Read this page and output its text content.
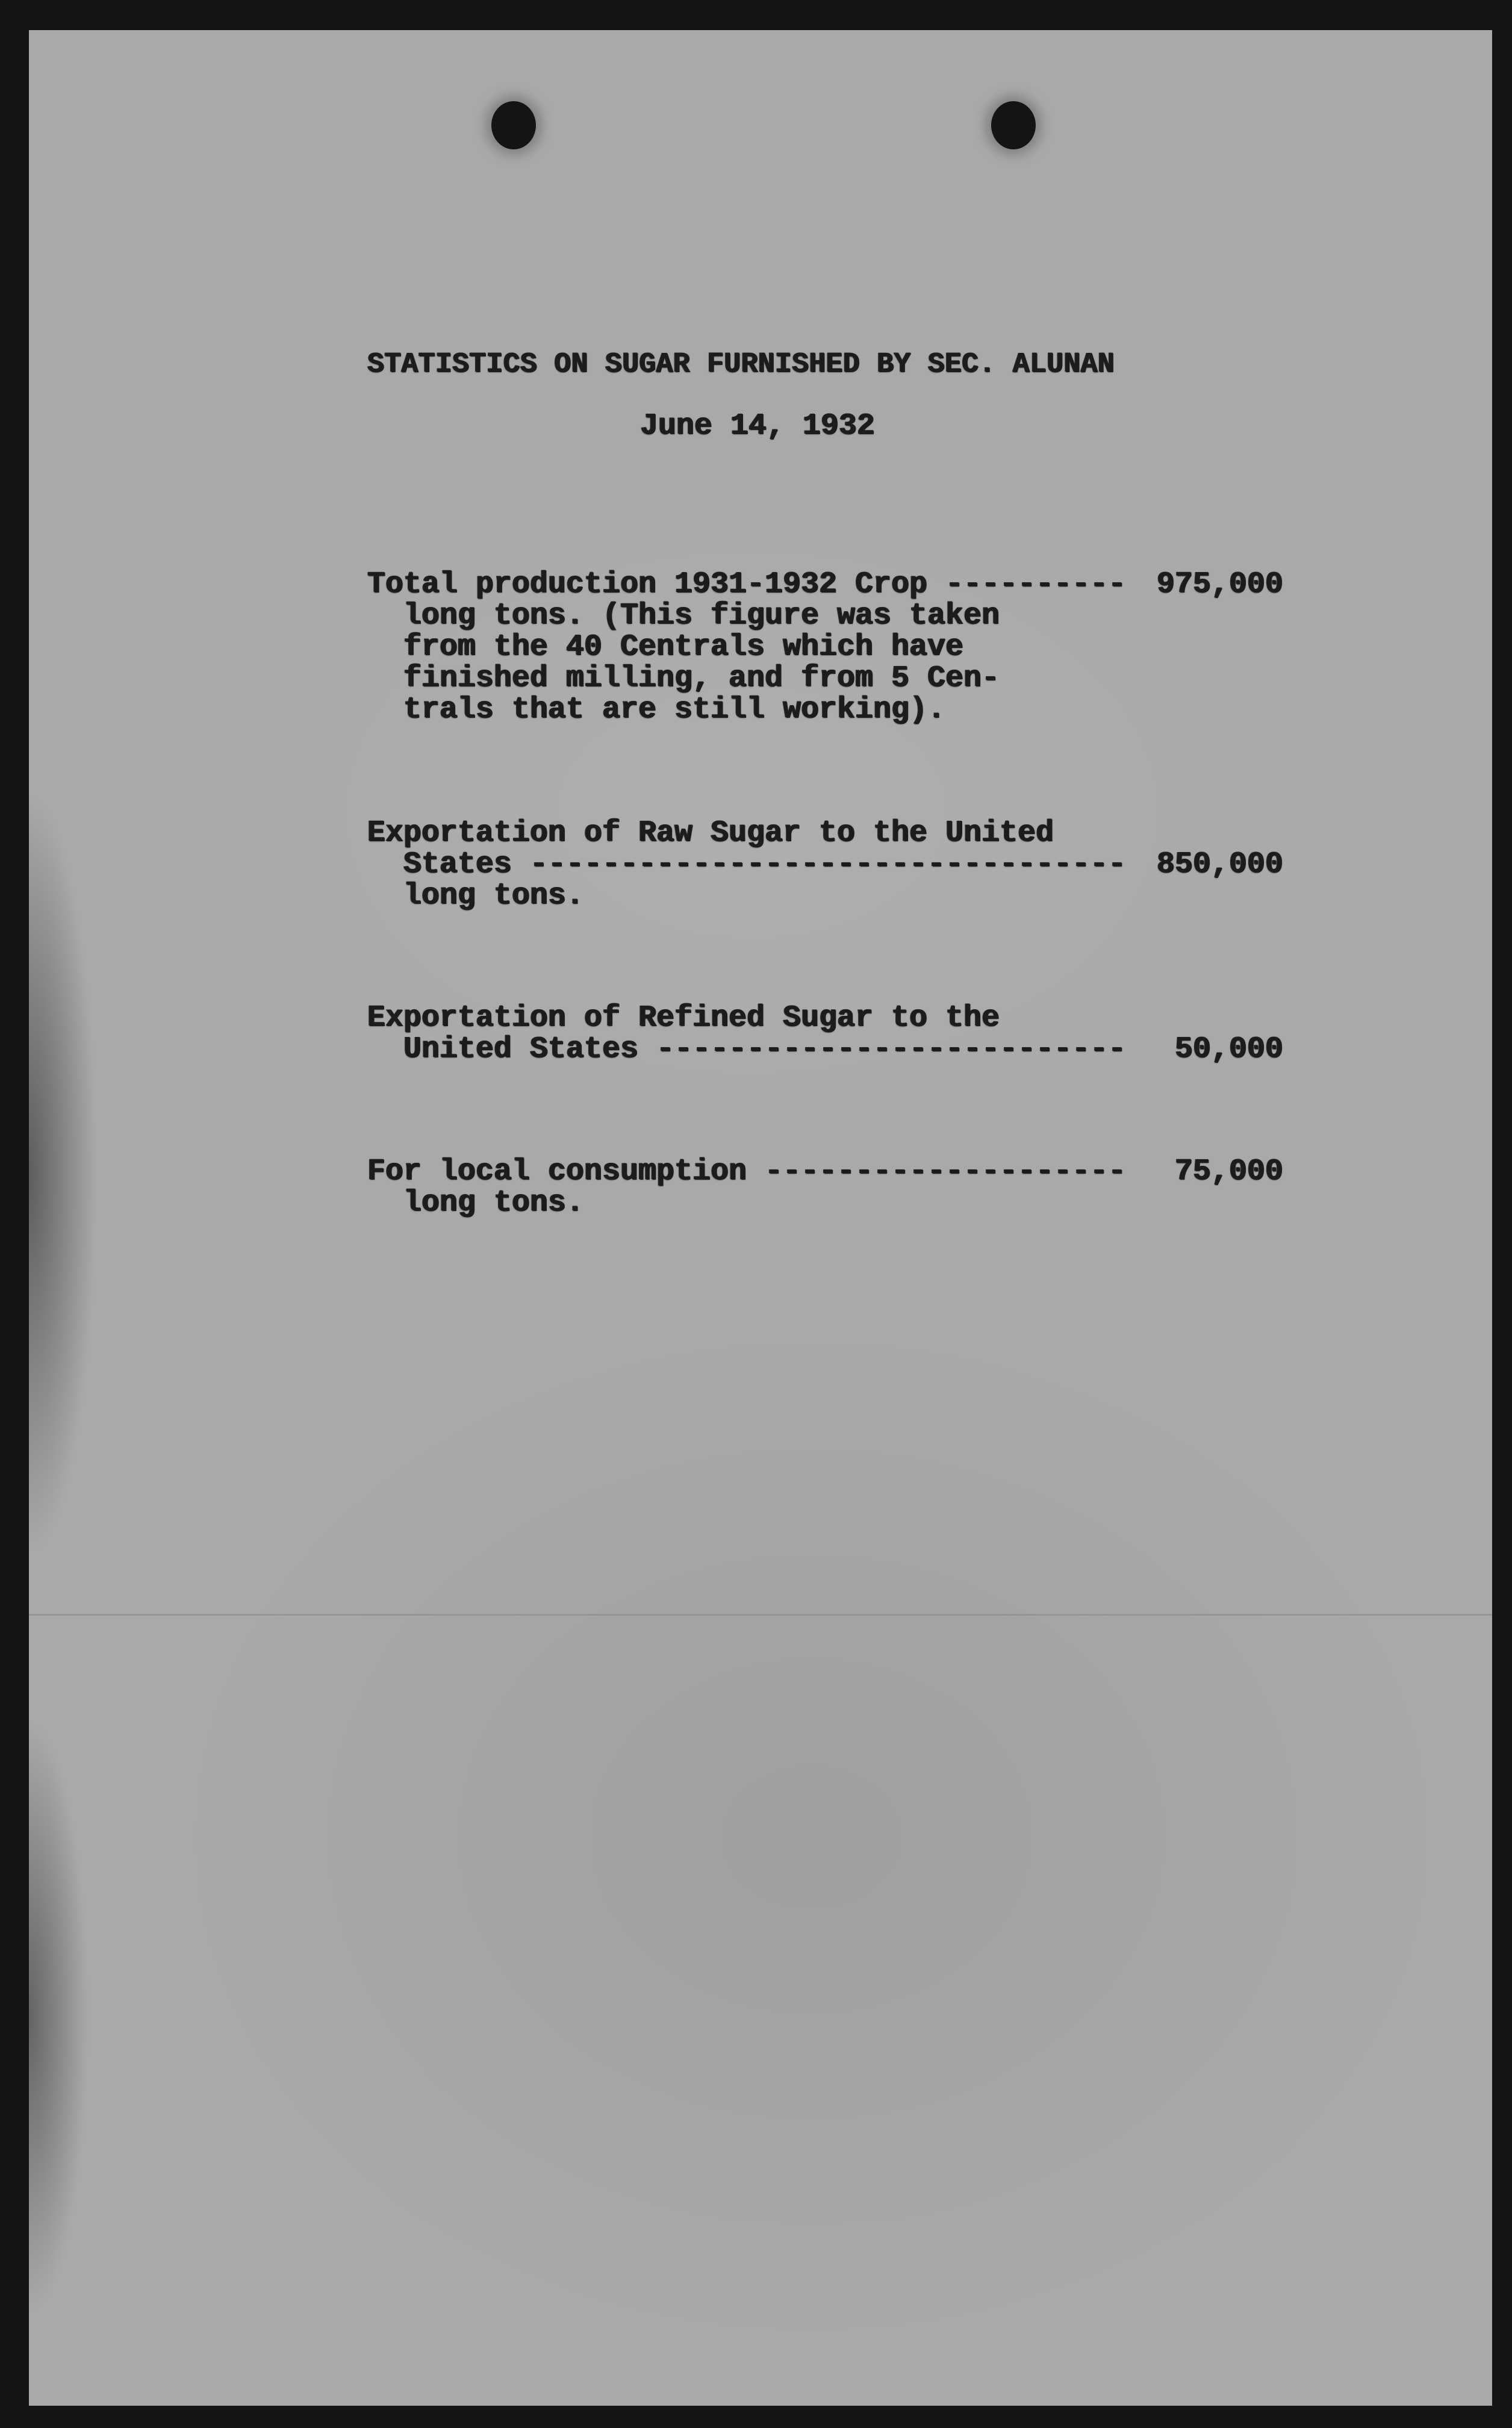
STATISTICS ON SUGAR FURNISHED BY SEC. ALUNAN
June 14, 1932
Total production 1931-1932 Crop ----------
long tons. (This figure was taken
from the 40 Centrals which have
finished milling, and from 5 Cen-
trals that are still working).
975,000
Exportation of Raw Sugar to the United
States ---------------------------------
long tons.
850,000
Exportation of Refined Sugar to the
United States --------------------------	50,000
For local consumption --------------------
long tons.
75,000
